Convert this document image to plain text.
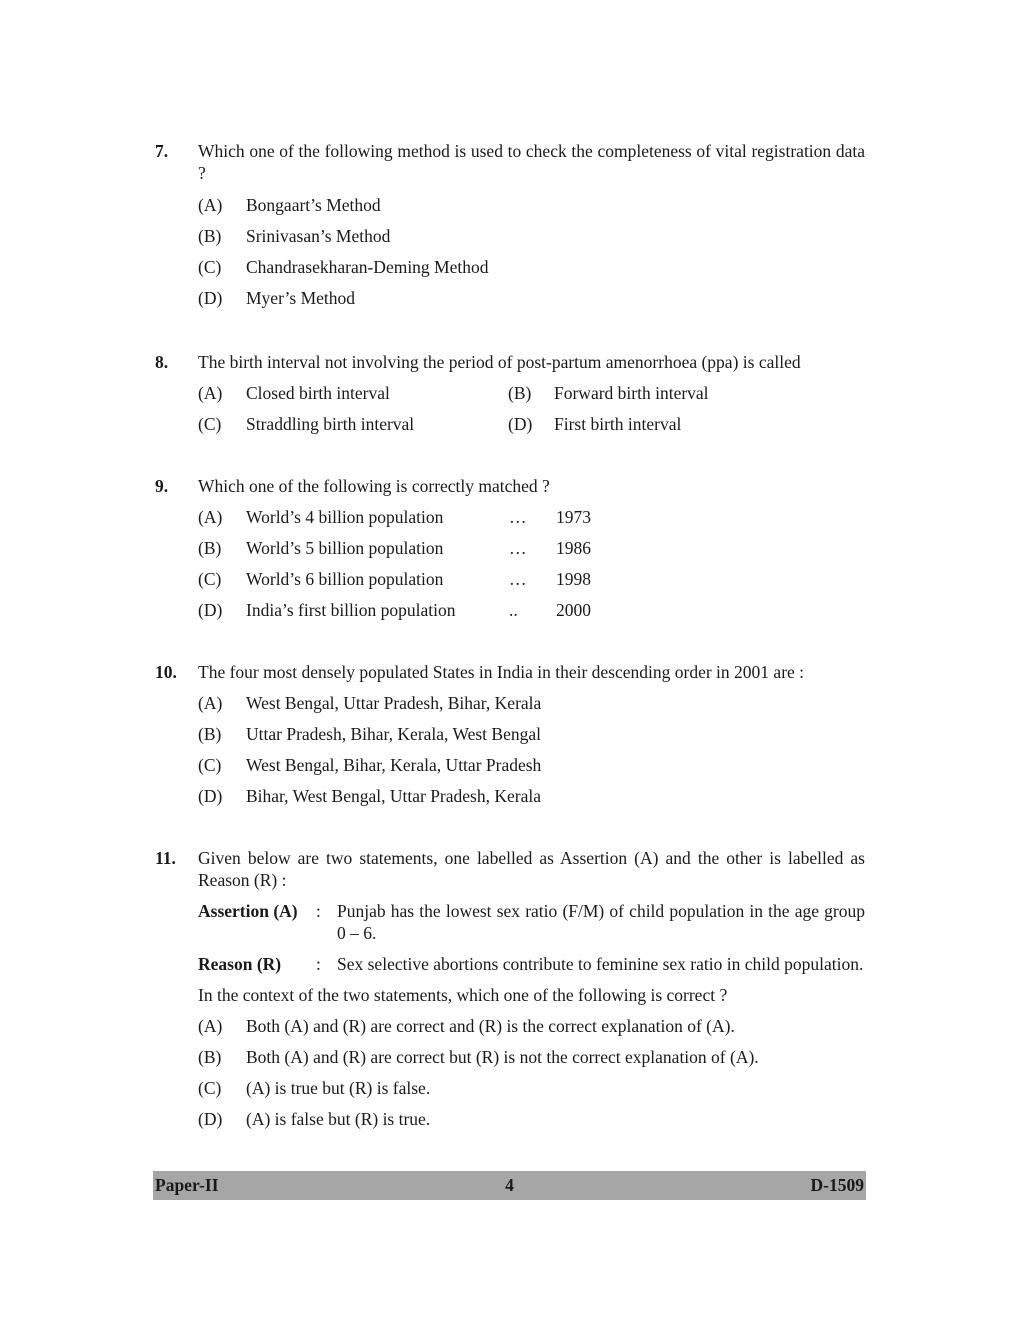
7.	Which one of the following method is used to check the completeness of vital registration data ?
(A)	Bongaart’s Method
(B)	Srinivasan’s Method
(C)	Chandrasekharan-Deming Method
(D)	Myer’s Method
8.	The birth interval not involving the period of post-partum amenorrhoea (ppa) is called
(A)	Closed birth interval	(B)	Forward birth interval
(C)	Straddling birth interval	(D)	First birth interval
9.	Which one of the following is correctly matched ?
(A)	World’s 4 billion population	…	1973
(B)	World’s 5 billion population	…	1986
(C)	World’s 6 billion population	…	1998
(D)	India’s first billion population	..	2000
10.	The four most densely populated States in India in their descending order in 2001 are :
(A)	West Bengal, Uttar Pradesh, Bihar, Kerala
(B)	Uttar Pradesh, Bihar, Kerala, West Bengal
(C)	West Bengal, Bihar, Kerala, Uttar Pradesh
(D)	Bihar, West Bengal, Uttar Pradesh, Kerala
11.	Given below are two statements, one labelled as Assertion (A) and the other is labelled as Reason (R) :
Assertion (A)	: Punjab has the lowest sex ratio (F/M) of child population in the age group 0 – 6.
Reason (R)	: Sex selective abortions contribute to feminine sex ratio in child population.
In the context of the two statements, which one of the following is correct ?
(A)	Both (A) and (R) are correct and (R) is the correct explanation of (A).
(B)	Both (A) and (R) are correct but (R) is not the correct explanation of (A).
(C)	(A) is true but (R) is false.
(D)	(A) is false but (R) is true.
Paper-II	4	D-1509
